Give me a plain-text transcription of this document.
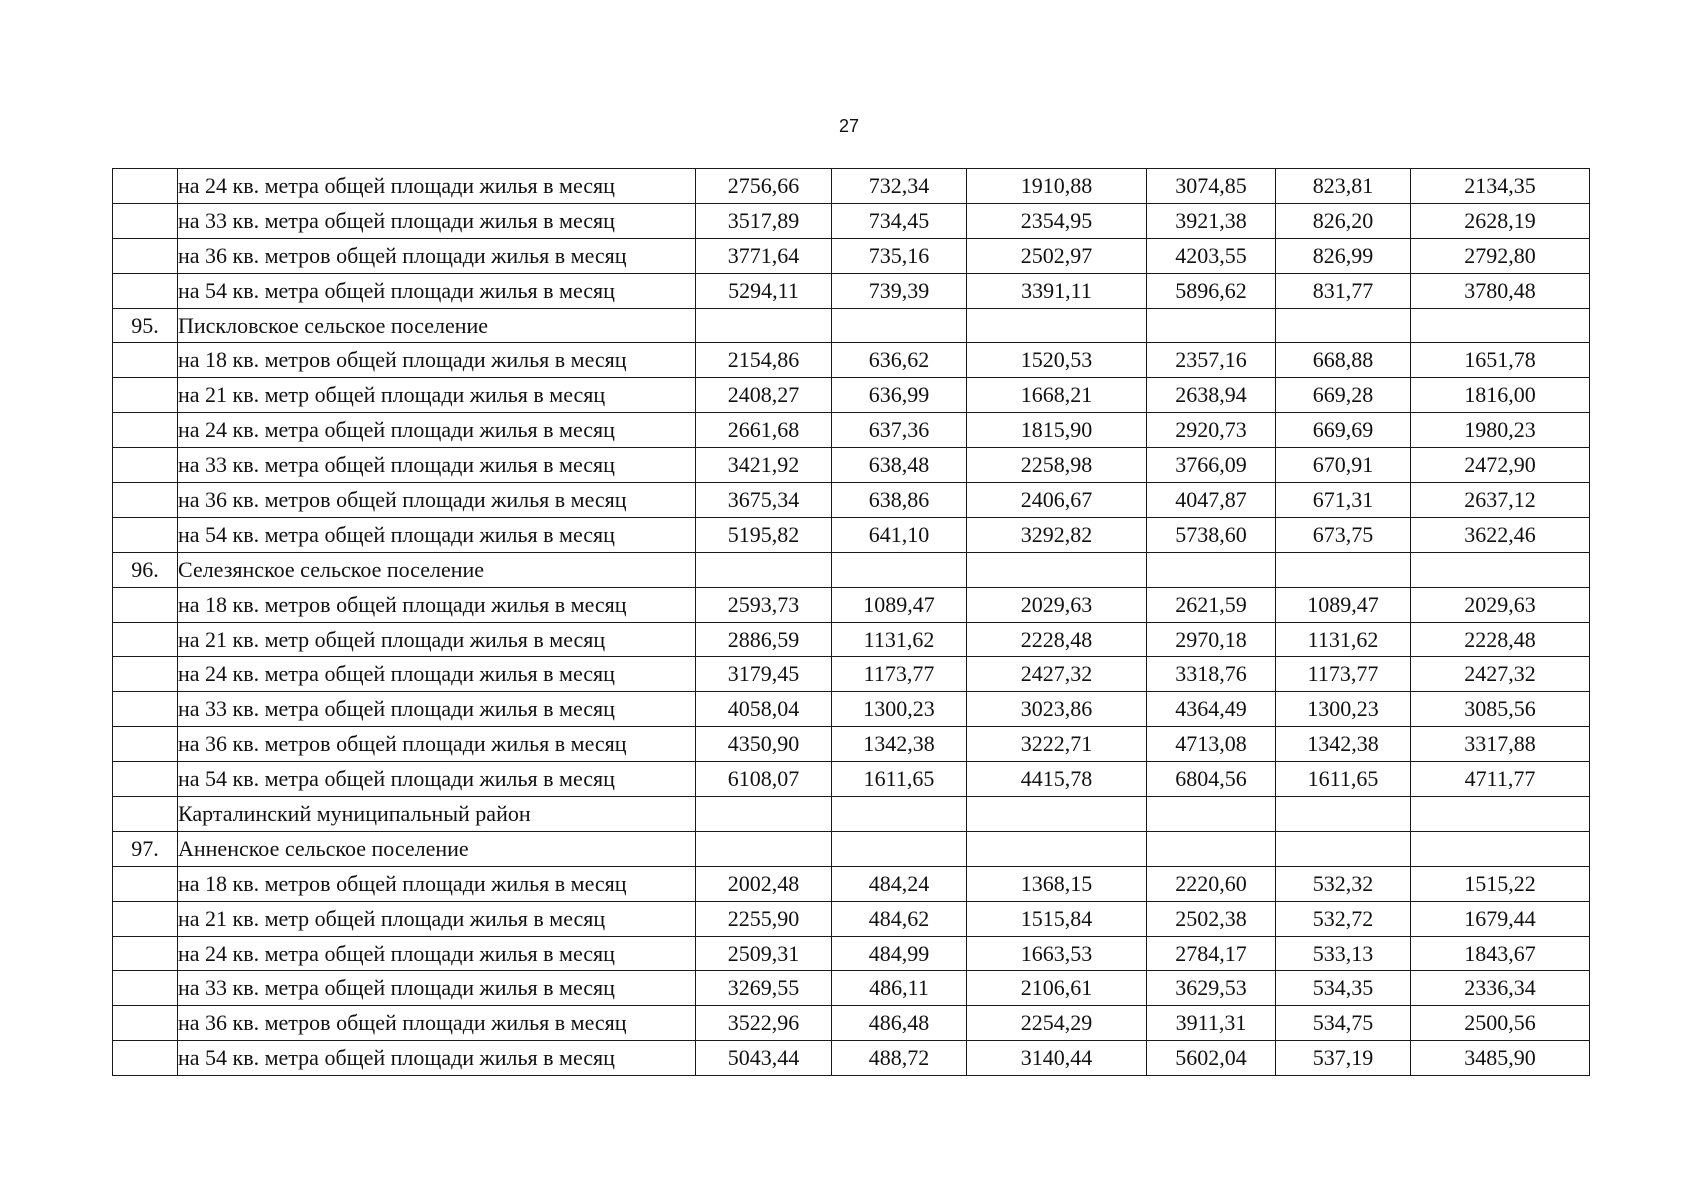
27
	на 24 кв. метра общей площади жилья в месяц	2756,66	732,34	1910,88	3074,85	823,81	2134,35
	на 33 кв. метра общей площади жилья в месяц	3517,89	734,45	2354,95	3921,38	826,20	2628,19
	на 36 кв. метров общей площади жилья в месяц	3771,64	735,16	2502,97	4203,55	826,99	2792,80
	на 54 кв. метра общей площади жилья в месяц	5294,11	739,39	3391,11	5896,62	831,77	3780,48
95.	Пискловское сельское поселение						
	на 18 кв. метров общей площади жилья в месяц	2154,86	636,62	1520,53	2357,16	668,88	1651,78
	на 21 кв. метр общей площади жилья в месяц	2408,27	636,99	1668,21	2638,94	669,28	1816,00
	на 24 кв. метра общей площади жилья в месяц	2661,68	637,36	1815,90	2920,73	669,69	1980,23
	на 33 кв. метра общей площади жилья в месяц	3421,92	638,48	2258,98	3766,09	670,91	2472,90
	на 36 кв. метров общей площади жилья в месяц	3675,34	638,86	2406,67	4047,87	671,31	2637,12
	на 54 кв. метра общей площади жилья в месяц	5195,82	641,10	3292,82	5738,60	673,75	3622,46
96.	Селезянское сельское поселение						
	на 18 кв. метров общей площади жилья в месяц	2593,73	1089,47	2029,63	2621,59	1089,47	2029,63
	на 21 кв. метр общей площади жилья в месяц	2886,59	1131,62	2228,48	2970,18	1131,62	2228,48
	на 24 кв. метра общей площади жилья в месяц	3179,45	1173,77	2427,32	3318,76	1173,77	2427,32
	на 33 кв. метра общей площади жилья в месяц	4058,04	1300,23	3023,86	4364,49	1300,23	3085,56
	на 36 кв. метров общей площади жилья в месяц	4350,90	1342,38	3222,71	4713,08	1342,38	3317,88
	на 54 кв. метра общей площади жилья в месяц	6108,07	1611,65	4415,78	6804,56	1611,65	4711,77
	Карталинский муниципальный район						
97.	Анненское сельское поселение						
	на 18 кв. метров общей площади жилья в месяц	2002,48	484,24	1368,15	2220,60	532,32	1515,22
	на 21 кв. метр общей площади жилья в месяц	2255,90	484,62	1515,84	2502,38	532,72	1679,44
	на 24 кв. метра общей площади жилья в месяц	2509,31	484,99	1663,53	2784,17	533,13	1843,67
	на 33 кв. метра общей площади жилья в месяц	3269,55	486,11	2106,61	3629,53	534,35	2336,34
	на 36 кв. метров общей площади жилья в месяц	3522,96	486,48	2254,29	3911,31	534,75	2500,56
	на 54 кв. метра общей площади жилья в месяц	5043,44	488,72	3140,44	5602,04	537,19	3485,90
